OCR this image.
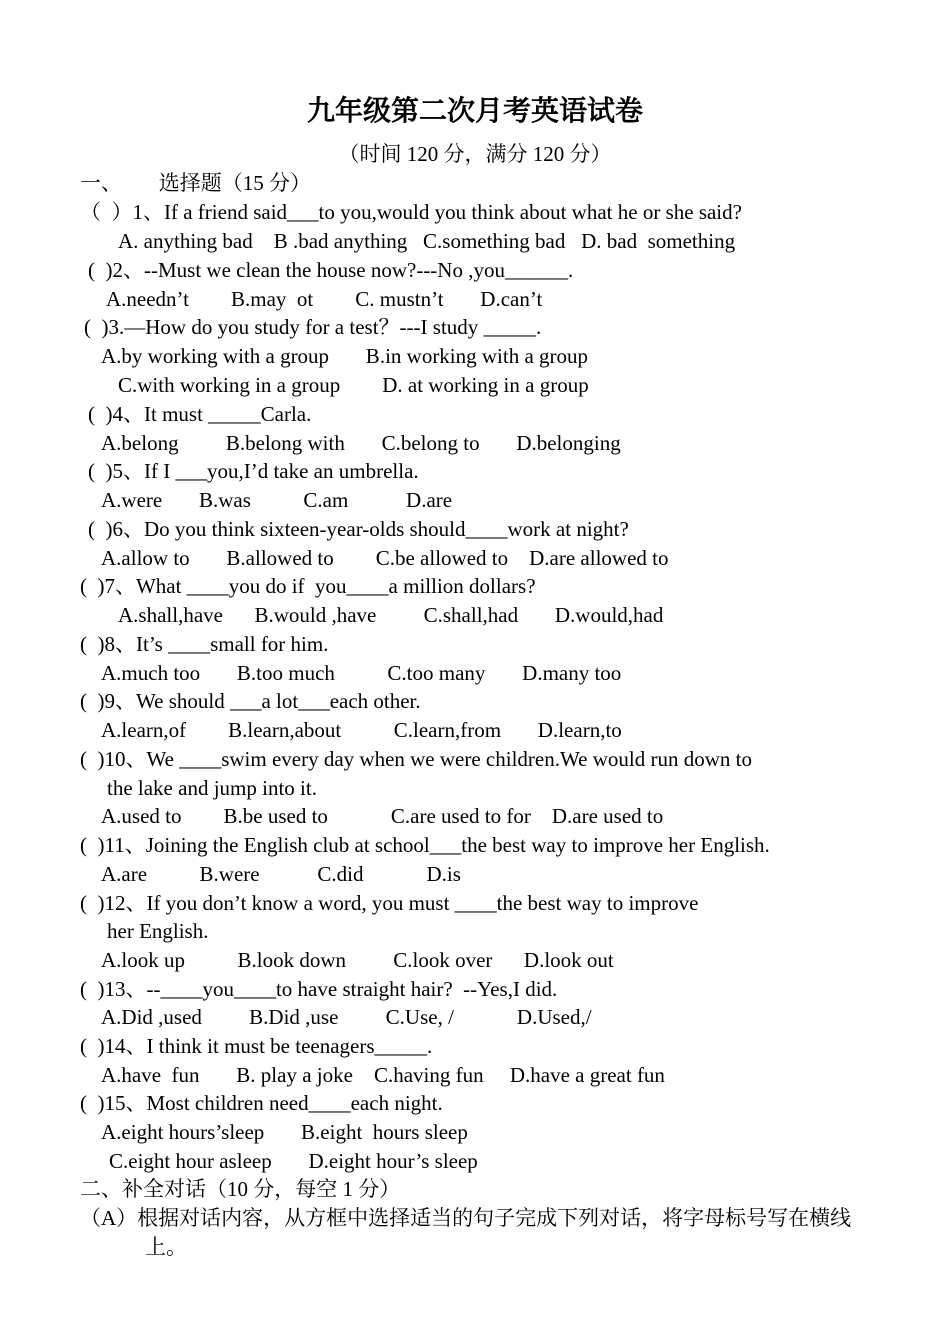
九年级第二次月考英语试卷
（时间 120 分，满分 120 分）
一、       选择题（15 分）
（  ）1、If a friend said___to you,would you think about what he or she said?
A. anything bad    B .bad anything   C.something bad   D. bad  something
(  )2、--Must we clean the house now?---No ,you______.
A.needn’t        B.may  ot        C. mustn’t       D.can’t
(  )3.—How do you study for a test？---I study _____.
A.by working with a group       B.in working with a group
C.with working in a group        D. at working in a group
(  )4、It must _____Carla.
A.belong         B.belong with       C.belong to       D.belonging
(  )5、If I ___you,I’d take an umbrella.
A.were       B.was          C.am           D.are
(  )6、Do you think sixteen-year-olds should____work at night?
A.allow to       B.allowed to        C.be allowed to    D.are allowed to
(  )7、What ____you do if  you____a million dollars?
A.shall,have      B.would ,have         C.shall,had       D.would,had
(  )8、It’s ____small for him.
A.much too       B.too much          C.too many       D.many too
(  )9、We should ___a lot___each other.
A.learn,of        B.learn,about          C.learn,from       D.learn,to
(  )10、We ____swim every day when we were children.We would run down to
the lake and jump into it.
A.used to        B.be used to            C.are used to for    D.are used to
(  )11、Joining the English club at school___the best way to improve her English.
A.are          B.were           C.did            D.is
(  )12、If you don’t know a word, you must ____the best way to improve
her English.
A.look up          B.look down         C.look over      D.look out
(  )13、--____you____to have straight hair?  --Yes,I did.
A.Did ,used         B.Did ,use         C.Use, /            D.Used,/
(  )14、I think it must be teenagers_____.
A.have  fun       B. play a joke    C.having fun     D.have a great fun
(  )15、Most children need____each night.
A.eight hours’sleep       B.eight  hours sleep
C.eight hour asleep       D.eight hour’s sleep
二、补全对话（10 分，每空 1 分）
（A）根据对话内容，从方框中选择适当的句子完成下列对话，将字母标号写在横线
上。
